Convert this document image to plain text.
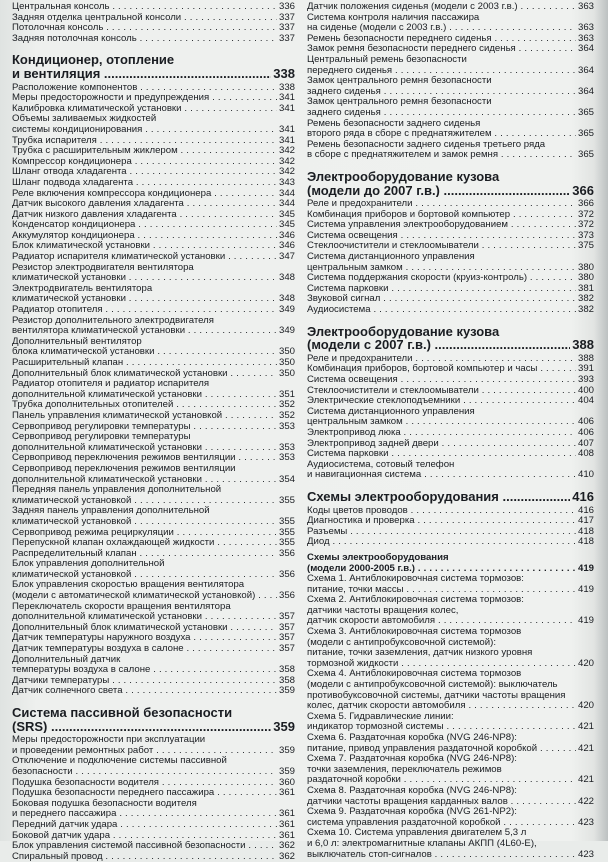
Центральная консоль . . .	336
Задняя отделка центральной консоли . . .	337
Потолочная консоль . . .	337
Задняя потолочная консоль . . .	337
Кондиционер, отопление
и вентиляция .....	338
Расположение компонентов . . .	338
Меры предосторожности и предупреждения . . .	341
Калибровка климатической установки . . .	341
Объемы заливаемых жидкостей
системы кондиционирования . . .	341
Трубка испарителя . . .	341
Трубка с расширительным жиклером . . .	342
Компрессор кондиционера . . .	342
Шланг отвода хладагента . . .	342
Шланг подвода хладагента . . .	343
Реле включения компрессора кондиционера . . .	344
Датчик высокого давления хладагента . . .	344
Датчик низкого давления хладагента . . .	345
Конденсатор кондиционера . . .	345
Аккумулятор кондиционера . . .	346
Блок климатической установки . . .	346
Радиатор испарителя климатической установки . . .	347
Резистор электродвигателя вентилятора
климатической установки . . .	348
Электродвигатель вентилятора
климатической установки . . .	348
Радиатор отопителя . . .	349
Резистор дополнительного электродвигателя
вентилятора климатической установки . . .	349
Дополнительный вентилятор
блока климатической установки . . .	350
Расширительный клапан . . .	350
Дополнительный блок климатической установки . . .	350
Радиатор отопителя и радиатор испарителя
дополнительной климатической установки . . .	351
Трубка дополнительных отопителей . . .	352
Панель управления климатической установкой . . .	352
Сервопривод регулировки температуры . . .	353
Сервопривод регулировки температуры
дополнительной климатической установки . . .	353
Сервопривод переключения режимов вентиляции . . .	353
Сервопривод переключения режимов вентиляции
дополнительной климатической установки . . .	354
Передняя панель управления дополнительной
климатической установкой . . .	355
Задняя панель управления дополнительной
климатической установкой . . .	355
Сервопривод режима рециркуляции . . .	355
Перепускной клапан охлаждающей жидкости . . .	355
Распределительный клапан . . .	356
Блок управления дополнительной
климатической установкой . . .	356
Блок управления скоростью вращения вентилятора
(модели с автоматической климатической установкой) . . .	356
Переключатель скорости вращения вентилятора
дополнительной климатической установки . . .	357
Дополнительный блок климатической установки . . .	357
Датчик температуры наружного воздуха . . .	357
Датчик температуры воздуха в салоне . . .	357
Дополнительный датчик
температуры воздуха в салоне . . .	358
Датчики температуры . . .	358
Датчик солнечного света . . .	359
Система пассивной безопасности
(SRS) .....	359
Меры предосторожности при эксплуатации
и проведении ремонтных работ . . .	359
Отключение и подключение системы пассивной
безопасности . . .	359
Подушка безопасности водителя . . .	360
Подушка безопасности переднего пассажира . . .	361
Боковая подушка безопасности водителя
и переднего пассажира . . .	361
Передний датчик удара . . .	361
Боковой датчик удара . . .	361
Блок управления системой пассивной безопасности . . .	362
Спиральный провод . . .	362
Датчик положения сиденья (модели с 2003 г.в.) . . .	363
Система контроля наличия пассажира
на сиденье (модели с 2003 г.в.) . . .	363
Ремень безопасности переднего сиденья . . .	363
Замок ремня безопасности переднего сиденья . . .	364
Центральный ремень безопасности
переднего сиденья . . .	364
Замок центрального ремня безопасности
заднего сиденья . . .	364
Замок центрального ремня безопасности
заднего сиденья . . .	365
Ремень безопасности заднего сиденья
второго ряда в сборе с преднатяжителем . . .	365
Ремень безопасности заднего сиденья третьего ряда
в сборе с преднатяжителем и замок ремня . . .	365
Электрооборудование кузова
(модели до 2007 г.в.) .....	366
Реле и предохранители . . .	366
Комбинация приборов и бортовой компьютер . . .	372
Система управления электрооборудованием . . .	372
Система освещения . . .	373
Стеклоочистители и стеклоомыватели . . .	375
Система дистанционного управления
центральным замком . . .	380
Система поддержания скорости (круиз-контроль) . . .	380
Система парковки . . .	381
Звуковой сигнал . . .	382
Аудиосистема . . .	382
Электрооборудование кузова
(модели с 2007 г.в.) .....	388
Реле и предохранители . . .	388
Комбинация приборов, бортовой компьютер и часы . . .	391
Система освещения . . .	393
Стеклоочистители и стеклоомыватели . . .	400
Электрические стеклоподъемники . . .	404
Система дистанционного управления
центральным замком . . .	406
Электропривод люка . . .	406
Электропривод задней двери . . .	407
Система парковки . . .	408
Аудиосистема, сотовый телефон
и навигационная система . . .	410
Схемы электрооборудования .....	416
Коды цветов проводов . . .	416
Диагностика и проверка . . .	417
Разъемы . . .	418
Диод . . .	418
Схемы электрооборудования
(модели 2000-2005 г.в.) . . .	419
Схема 1. Антиблокировочная система тормозов:
питание, точки массы . . .	419
Схема 2. Антиблокировочная система тормозов:
датчики частоты вращения колес,
датчик скорости автомобиля . . .	419
Схема 3. Антиблокировочная система тормозов
(модели с антипробуксовочной системой):
питание, точки заземления, датчик низкого уровня
тормозной жидкости . . .	420
Схема 4. Антиблокировочная система тормозов
(модели с антипробуксовочной системой): выключатель
противобуксовочной системы, датчики частоты вращения
колес, датчик скорости автомобиля . . .	420
Схема 5. Гидравлические линии:
индикатор тормозной системы . . .	421
Схема 6. Раздаточная коробка (NVG 246-NP8):
питание, привод управления раздаточной коробкой . . .	421
Схема 7. Раздаточная коробка (NVG 246-NP8):
точки заземления, переключатель режимов
раздаточной коробки . . .	421
Схема 8. Раздаточная коробка (NVG 246-NP8):
датчики частоты вращения карданных валов . . .	422
Схема 9. Раздаточная коробка (NVG 261-NP2):
система управления раздаточной коробкой . . .	423
Схема 10. Система управления двигателем 5,3 л
и 6,0 л: электромагнитные клапаны АКПП (4L60-E),
выключатель стоп-сигналов . . .	423
